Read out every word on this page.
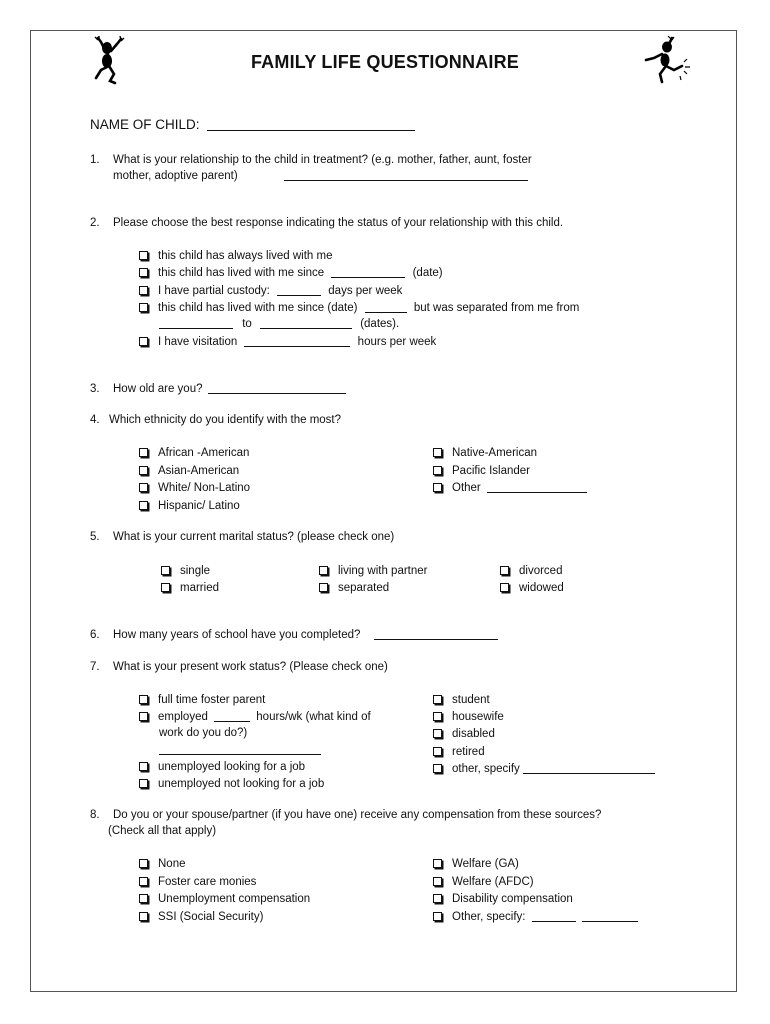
FAMILY LIFE QUESTIONNAIRE
NAME OF CHILD:
1. What is your relationship to the child in treatment? (e.g. mother, father, aunt, foster
mother, adoptive parent)
2. Please choose the best response indicating the status of your relationship with this child.
this child has always lived with me
this child has lived with me since	(date)
I have partial custody:	days per week
this child has lived with me since (date)	but was separated from me from
to	(dates).
I have visitation	hours per week
3. How old are you?
4. Which ethnicity do you identify with the most?
African -American
Asian-American
White/ Non-Latino
Hispanic/ Latino
Native-American
Pacific Islander
Other
5. What is your current marital status? (please check one)
single
married
living with partner
separated
divorced
widowed
6. How many years of school have you completed?
7. What is your present work status? (Please check one)
full time foster parent
employed	hours/wk (what kind of
work do you do?)
unemployed looking for a job
unemployed not looking for a job
student
housewife
disabled
retired
other, specify
8. Do you or your spouse/partner (if you have one) receive any compensation from these sources?
(Check all that apply)
None
Foster care monies
Unemployment compensation
SSI (Social Security)
Welfare (GA)
Welfare (AFDC)
Disability compensation
Other, specify:
